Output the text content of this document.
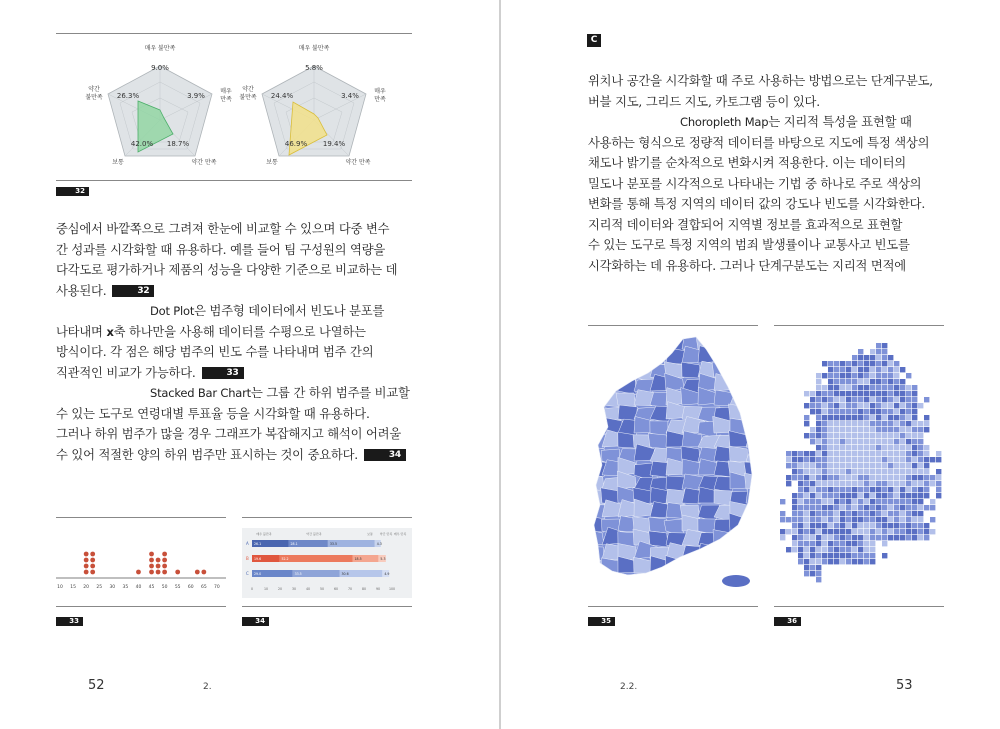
매우 불만족
9.0%
매우
만족
3.9%
18.7%
약간 만족
42.0%
보통
26.3%
약간
불만족
매우 불만족
5.8%
매우
만족
3.4%
19.4%
약간 만족
46.9%
보통
24.4%
약간
불만족
32
중심에서 바깥쪽으로 그려져 한눈에 비교할 수 있으며 다중 변수
간 성과를 시각화할 때 유용하다. 예를 들어 팀 구성원의 역량을
다각도로 평가하거나 제품의 성능을 다양한 기준으로 비교하는 데
사용된다.	32
Dot Plot은 범주형 데이터에서 빈도나 분포를
나타내며 x축 하나만을 사용해 데이터를 수평으로 나열하는
방식이다. 각 점은 해당 범주의 빈도 수를 나타내며 범주 간의
직관적인 비교가 가능하다.	33
Stacked Bar Chart는 그룹 간 하위 범주를 비교할
수 있는 도구로 연령대별 투표율 등을 시각화할 때 유용하다.
그러나 하위 범주가 많을 경우 그래프가 복잡해지고 해석이 어려울
수 있어 적절한 양의 하위 범주만 표시하는 것이 중요하다.	34
10 15 20 25 30 35 40 45 50 55 60 65 70
33
매우 불만족	약간 불만족	보통 약간 만족 매우 만족
A 26.1	28.1	33.5	4.3
B 19.6	52.2	18.5	5.3
C 29.0	33.5	30.6	4.9
0	10	20	30	40	50	60	70	80	90	100
34
52	2.
C
위치나 공간을 시각화할 때 주로 사용하는 방법으로는 단계구분도,
버블 지도, 그리드 지도, 카토그램 등이 있다.
Choropleth Map는 지리적 특성을 표현할 때
사용하는 형식으로 정량적 데이터를 바탕으로 지도에 특정 색상의
채도나 밝기를 순차적으로 변화시켜 적용한다. 이는 데이터의
밀도나 분포를 시각적으로 나타내는 기법 중 하나로 주로 색상의
변화를 통해 특정 지역의 데이터 값의 강도나 빈도를 시각화한다.
지리적 데이터와 결합되어 지역별 정보를 효과적으로 표현할
수 있는 도구로 특정 지역의 범죄 발생률이나 교통사고 빈도를
시각화하는 데 유용하다. 그러나 단계구분도는 지리적 면적에
35	36
2.2.	53
